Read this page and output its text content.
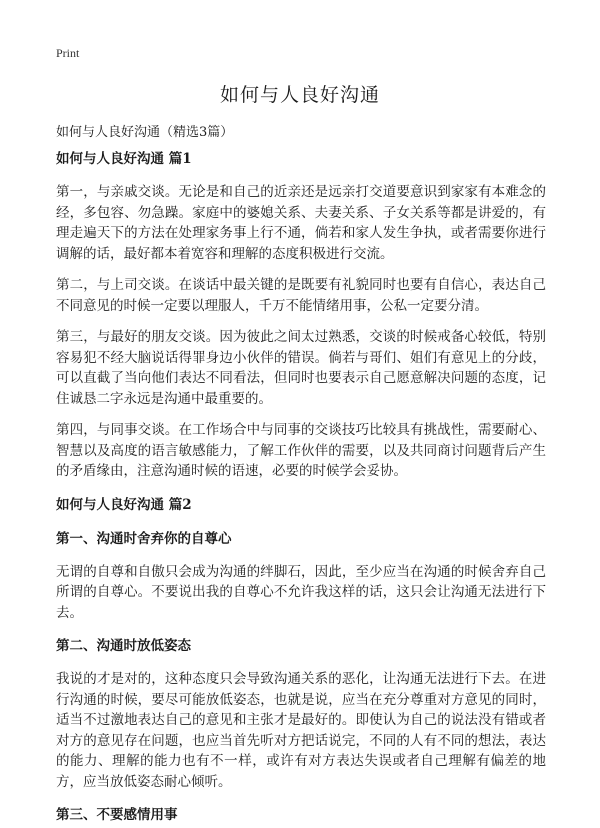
Print
如何与人良好沟通

如何与人良好沟通（精选3篇）

如何与人良好沟通 篇1

第一，与亲戚交谈。无论是和自己的近亲还是远亲打交道要意识到家家有本难念的经，多包容、勿急躁。家庭中的婆媳关系、夫妻关系、子女关系等都是讲爱的，有理走遍天下的方法在处理家务事上行不通，倘若和家人发生争执，或者需要你进行调解的话，最好都本着宽容和理解的态度积极进行交流。

第二，与上司交谈。在谈话中最关键的是既要有礼貌同时也要有自信心，表达自己不同意见的时候一定要以理服人，千万不能情绪用事，公私一定要分清。

第三，与最好的朋友交谈。因为彼此之间太过熟悉，交谈的时候戒备心较低，特别容易犯不经大脑说话得罪身边小伙伴的错误。倘若与哥们、姐们有意见上的分歧，可以直截了当向他们表达不同看法，但同时也要表示自己愿意解决问题的态度，记住诚恳二字永远是沟通中最重要的。

第四，与同事交谈。在工作场合中与同事的交谈技巧比较具有挑战性，需要耐心、智慧以及高度的语言敏感能力，了解工作伙伴的需要，以及共同商讨问题背后产生的矛盾缘由，注意沟通时候的语速，必要的时候学会妥协。

如何与人良好沟通 篇2
第一、沟通时舍弃你的自尊心

无谓的自尊和自傲只会成为沟通的绊脚石，因此，至少应当在沟通的时候舍弃自己所谓的自尊心。不要说出我的自尊心不允许我这样的话，这只会让沟通无法进行下去。

第二、沟通时放低姿态

我说的才是对的，这种态度只会导致沟通关系的恶化，让沟通无法进行下去。在进行沟通的时候，要尽可能放低姿态，也就是说，应当在充分尊重对方意见的同时，适当不过激地表达自己的意见和主张才是最好的。即使认为自己的说法没有错或者对方的意见存在问题，也应当首先听对方把话说完，不同的人有不同的想法，表达的能力、理解的能力也有不一样，或许有对方表达失误或者自己理解有偏差的地方，应当放低姿态耐心倾听。

第三、不要感情用事
